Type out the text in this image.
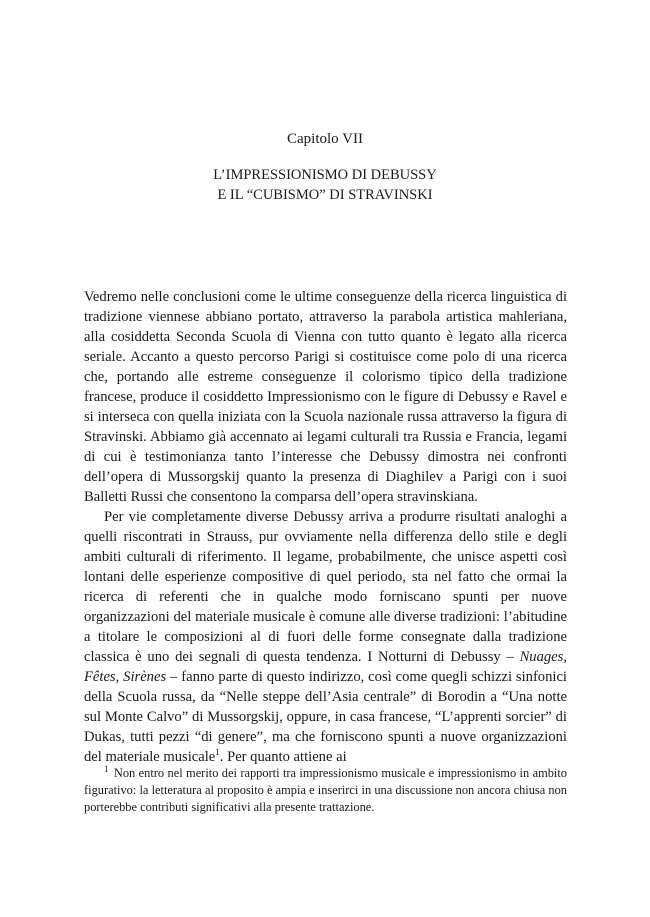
Capitolo VII
L’IMPRESSIONISMO DI DEBUSSY
E IL “CUBISMO” DI STRAVINSKI

Vedremo nelle conclusioni come le ultime conseguenze della ricerca linguistica di tradizione viennese abbiano portato, attraverso la parabola artistica mahleriana, alla cosiddetta Seconda Scuola di Vienna con tutto quanto è legato alla ricerca seriale. Accanto a questo percorso Parigi si costituisce come polo di una ricerca che, portando alle estreme conseguenze il colorismo tipico della tradizione francese, produce il cosiddetto Impressionismo con le figure di Debussy e Ravel e si interseca con quella iniziata con la Scuola nazionale russa attraverso la figura di Stravinski. Abbiamo già accennato ai legami culturali tra Russia e Francia, legami di cui è testimonianza tanto l’interesse che Debussy dimostra nei confronti dell’opera di Mussorgskij quanto la presenza di Diaghilev a Parigi con i suoi Balletti Russi che consentono la comparsa dell’opera stravinskiana.

Per vie completamente diverse Debussy arriva a produrre risultati analoghi a quelli riscontrati in Strauss, pur ovviamente nella differenza dello stile e degli ambiti culturali di riferimento. Il legame, probabilmente, che unisce aspetti così lontani delle esperienze compositive di quel periodo, sta nel fatto che ormai la ricerca di referenti che in qualche modo forniscano spunti per nuove organizzazioni del materiale musicale è comune alle diverse tradizioni: l’abitudine a titolare le composizioni al di fuori delle forme consegnate dalla tradizione classica è uno dei segnali di questa tendenza. I Notturni di Debussy – Nuages, Fêtes, Sirènes – fanno parte di questo indirizzo, così come quegli schizzi sinfonici della Scuola russa, da “Nelle steppe dell’Asia centrale” di Borodin a “Una notte sul Monte Calvo” di Mussorgskij, oppure, in casa francese, “L’apprenti sorcier” di Dukas, tutti pezzi “di genere”, ma che forniscono spunti a nuove organizzazioni del materiale musicale$^1$. Per quanto attiene ai

$^1$ Non entro nel merito dei rapporti tra impressionismo musicale e impressionismo in ambito figurativo: la letteratura al proposito è ampia e inserirci in una discussione non ancora chiusa non porterebbe contributi significativi alla presente trattazione.
